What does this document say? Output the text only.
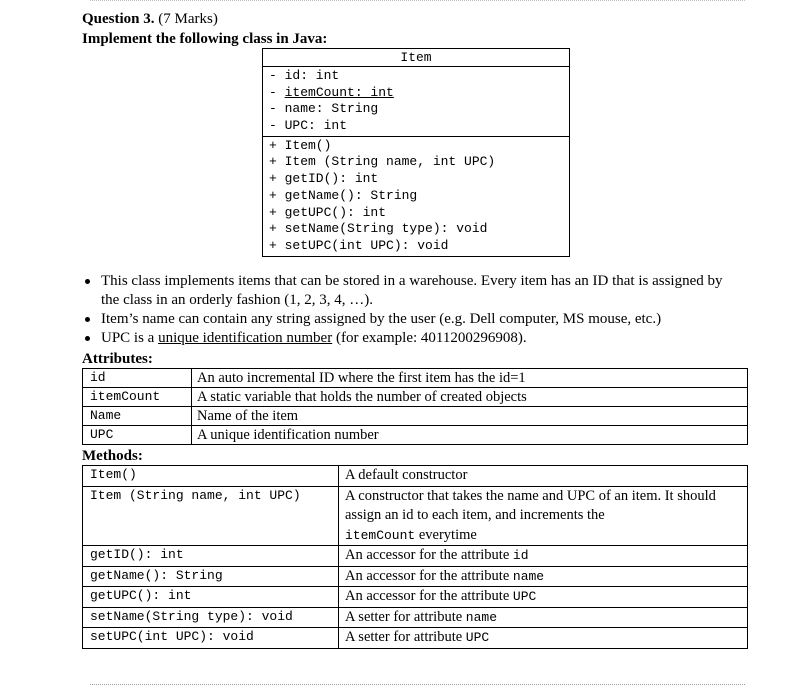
Question 3. (7 Marks)
Implement the following class in Java:
Item
- id: int
- itemCount: int
- name: String
- UPC: int
+ Item()
+ Item (String name, int UPC)
+ getID(): int
+ getName(): String
+ getUPC(): int
+ setName(String type): void
+ setUPC(int UPC): void
This class implements items that can be stored in a warehouse. Every item has an ID that is assigned by the class in an orderly fashion (1, 2, 3, 4, …).
Item’s name can contain any string assigned by the user (e.g. Dell computer, MS mouse, etc.)
UPC is a unique identification number (for example: 4011200296908).
Attributes:
id	An auto incremental ID where the first item has the id=1
itemCount	A static variable that holds the number of created objects
Name	Name of the item
UPC	A unique identification number
Methods:
Item()	A default constructor
Item (String name, int UPC)	A constructor that takes the name and UPC of an item. It should assign an id to each item, and increments the
itemCount everytime
getID(): int	An accessor for the attribute id
getName(): String	An accessor for the attribute name
getUPC(): int	An accessor for the attribute UPC
setName(String type): void	A setter for attribute name
setUPC(int UPC): void	A setter for attribute UPC
